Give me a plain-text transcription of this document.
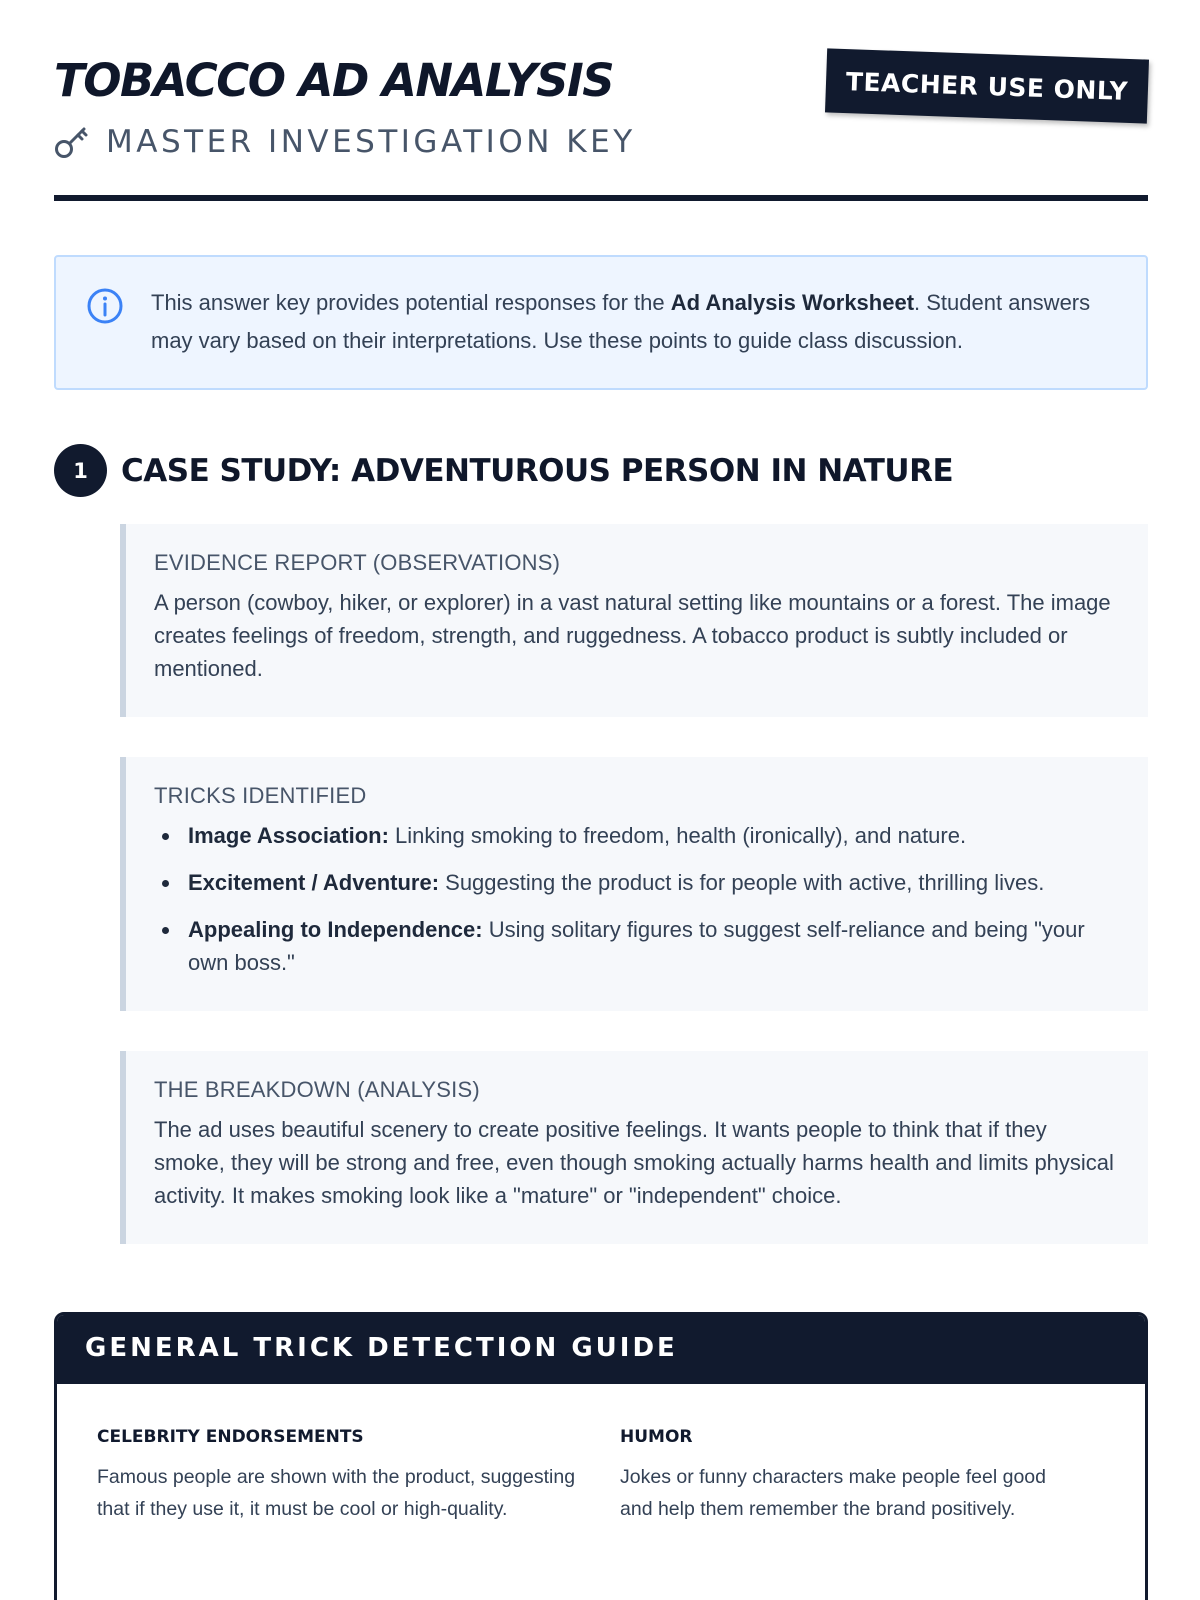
TOBACCO AD ANALYSIS
MASTER INVESTIGATION KEY
TEACHER USE ONLY

This answer key provides potential responses for the Ad Analysis Worksheet. Student answers may vary based on their interpretations. Use these points to guide class discussion.

1	CASE STUDY: ADVENTUROUS PERSON IN NATURE
EVIDENCE REPORT (OBSERVATIONS)

A person (cowboy, hiker, or explorer) in a vast natural setting like mountains or a forest. The image creates feelings of freedom, strength, and ruggedness. A tobacco product is subtly included or mentioned.

TRICKS IDENTIFIED
Image Association: Linking smoking to freedom, health (ironically), and nature.
Excitement / Adventure: Suggesting the product is for people with active, thrilling lives.
Appealing to Independence: Using solitary figures to suggest self-reliance and being "your own boss."
THE BREAKDOWN (ANALYSIS)

The ad uses beautiful scenery to create positive feelings. It wants people to think that if they smoke, they will be strong and free, even though smoking actually harms health and limits physical activity. It makes smoking look like a "mature" or "independent" choice.

GENERAL TRICK DETECTION GUIDE
CELEBRITY ENDORSEMENTS

Famous people are shown with the product, suggesting that if they use it, it must be cool or high-quality.

HUMOR

Jokes or funny characters make people feel good and help them remember the brand positively.
